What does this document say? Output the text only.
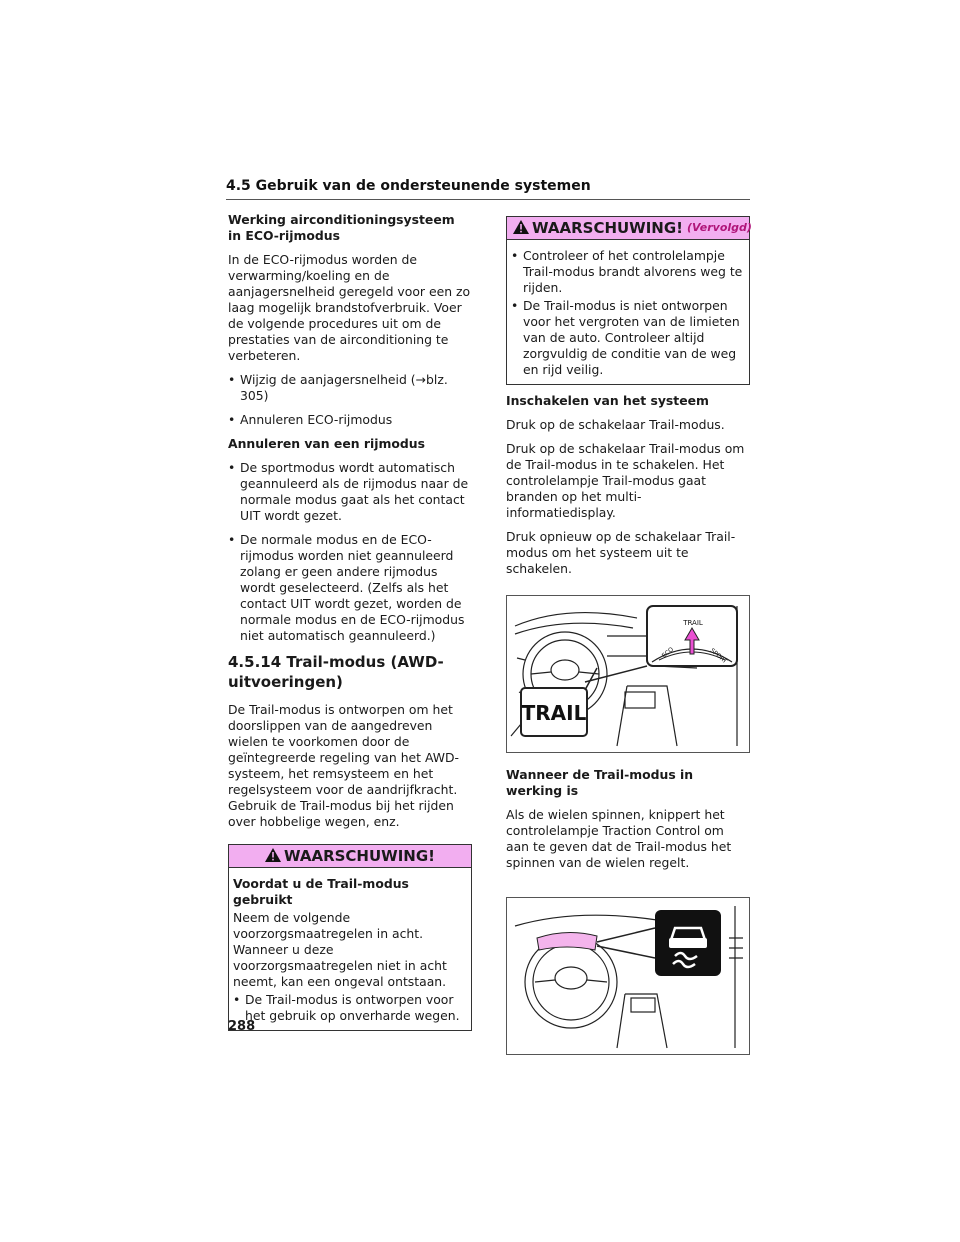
4.5 Gebruik van de ondersteunende systemen

Werking airconditioningsysteem in ECO-rijmodus

In de ECO-rijmodus worden de verwarming/koeling en de aanjagersnelheid geregeld voor een zo laag mogelijk brandstofverbruik. Voer de volgende procedures uit om de prestaties van de airconditioning te verbeteren.

• Wijzig de aanjagersnelheid (→blz. 305)

• Annuleren ECO-rijmodus

Annuleren van een rijmodus

• De sportmodus wordt automatisch geannuleerd als de rijmodus naar de normale modus gaat als het contact UIT wordt gezet.

• De normale modus en de ECO-rijmodus worden niet geannuleerd zolang er geen andere rijmodus wordt geselecteerd. (Zelfs als het contact UIT wordt gezet, worden de normale modus en de ECO-rijmodus niet automatisch geannuleerd.)

4.5.14 Trail-modus (AWD-uitvoeringen)

De Trail-modus is ontworpen om het doorslippen van de aangedreven wielen te voorkomen door de geïntegreerde regeling van het AWD-systeem, het remsysteem en het regelsysteem voor de aandrijfkracht. Gebruik de Trail-modus bij het rijden over hobbelige wegen, enz.

WAARSCHUWING!

Voordat u de Trail-modus gebruikt

Neem de volgende voorzorgsmaatregelen in acht. Wanneer u deze voorzorgsmaatregelen niet in acht neemt, kan een ongeval ontstaan.

• De Trail-modus is ontworpen voor het gebruik op onverharde wegen.

WAARSCHUWING! (Vervolgd)

• Controleer of het controlelampje Trail-modus brandt alvorens weg te rijden.

• De Trail-modus is niet ontworpen voor het vergroten van de limieten van de auto. Controleer altijd zorgvuldig de conditie van de weg en rijd veilig.

Inschakelen van het systeem

Druk op de schakelaar Trail-modus.

Druk op de schakelaar Trail-modus om de Trail-modus in te schakelen. Het controlelampje Trail-modus gaat branden op het multi-informatiedisplay.

Druk opnieuw op de schakelaar Trail-modus om het systeem uit te schakelen.

TRAIL
ECO	SPORT
TRAIL

Wanneer de Trail-modus in werking is

Als de wielen spinnen, knippert het controlelampje Traction Control om aan te geven dat de Trail-modus het spinnen van de wielen regelt.

288
